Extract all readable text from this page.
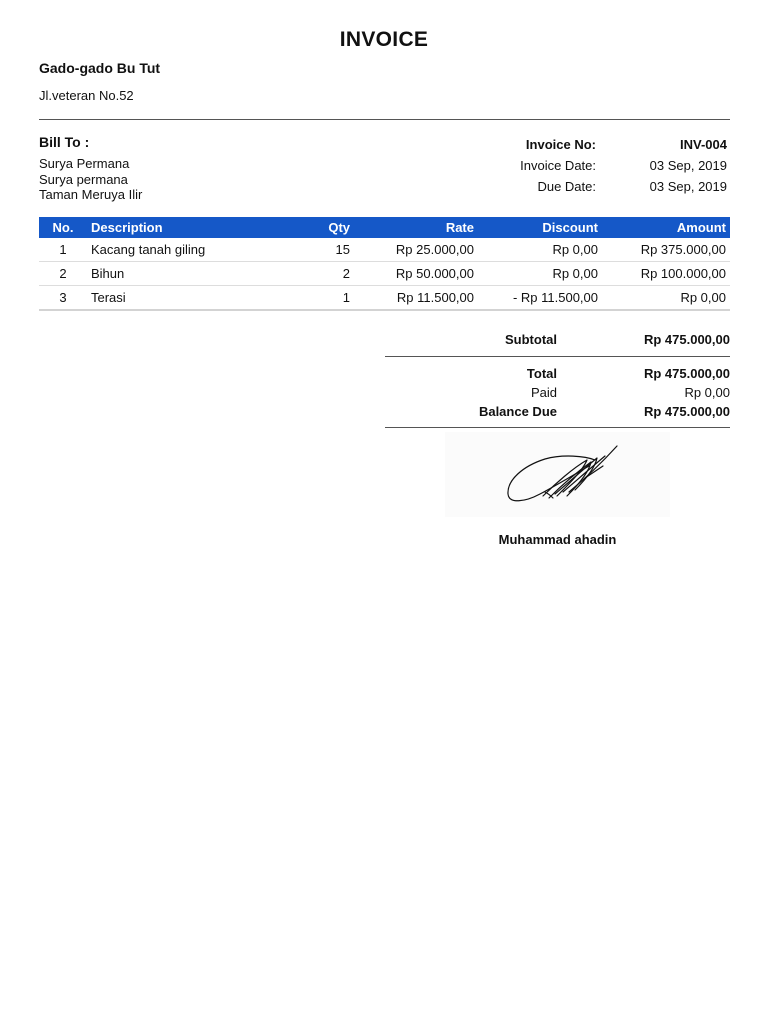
INVOICE
Gado-gado Bu Tut
Jl.veteran No.52
Bill To :
Surya Permana
Surya permana
Taman Meruya Ilir
Invoice No:	INV-004
Invoice Date:	03 Sep, 2019
Due Date:	03 Sep, 2019
No.	Description	Qty	Rate	Discount	Amount
1	Kacang tanah giling	15	Rp 25.000,00	Rp 0,00	Rp 375.000,00
2	Bihun	2	Rp 50.000,00	Rp 0,00	Rp 100.000,00
3	Terasi	1	Rp 11.500,00	- Rp 11.500,00	Rp 0,00
Subtotal	Rp 475.000,00
Total	Rp 475.000,00
Paid	Rp 0,00
Balance Due	Rp 475.000,00
Muhammad ahadin
